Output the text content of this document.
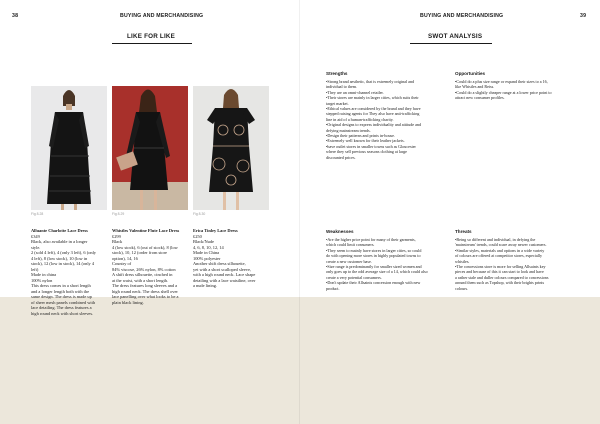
38	BUYING AND MERCHANDISING
LIKE FOR LIKE
Fig 8.28	Fig 8.29	Fig 8.30
Alluante Charlotte Lace Dress
£349
Black, also available in a longer
style.
2 (sold 4 left), 4 (only 3 left), 6 (only
4 left), 8 (low stock), 10 (low in
stock), 12 (low in stock), 14 (only 4
left)
Made in china
100% nylon
This dress comes in a short length
and a longer length both with the
same design. The dress is made up
of sheer mesh panels combined with
lace detailing. The dress features a
high round neck with short sleeves.
Whistles Valentine Flute Lace Dress
£299
Black
4 (low stock), 6 (out of stock), 8 (low
stock), 10, 12 (order from store
option), 14, 16
Country of
84% viscose, 26% nylon, 8% cotton
A shift dress silhouette, cinched in
at the waist, with a short length.
The dress features long sleeves and a
high round neck. The dress shell over
lace panelling over what looks to be a
plain black lining.
Erica Tinley Lace Dress
£250
Black/Nude
4, 6, 8, 10, 12, 14
Made in China
100% polyester
Another shift dress silhouette,
yet with a short scalloped sleeve,
with a high round neck. Lace shape
detailing with a lace waistline, over
a nude lining.
BUYING AND MERCHANDISING	39
SWOT ANALYSIS
Strengths
•Strong brand aesthetic, that is extremely original and
individual to them.
•They are an omni-channel retailer.
•Their stores are mainly in larger cities, which suits their
target market.
•Ethical values are considered by the brand and they have
stepped raising agents for They also have anti-trafficking
line in aid of a human-trafficking charity.
•Original designs to express individuality and attitude and
defying mainstream trends.
•Design their patterns and prints in-house.
•Extremely well known for their leather jackets.
•have outlet stores in smaller towns such as Gloucester
where they sell previous seasons clothing at large
discounted prices.
Opportunities
•Could do a plus size range or expand their sizes to a 16,
like Whistles and Reiss.
•Could do a slightly cheaper range at a lower price point to
attract new consumer profiles.
Weaknesses
•Are the higher price point for many of their garments,
which could limit consumers.
•They seem to mainly have stores in larger cities, so could
do with opening more stores in highly populated towns to
create a new customer base.
•Size range is predominantly for smaller sized women and
only goes up to the odd average size of a 14, which could also
create a very potential consumers.
•Don't update their Allsaints concession enough with new
product.
Threats
•Being so different and individual, in defying the
'mainstream' trends, could scare away newer customers.
•Similar styles, materials and options in a wide variety
of colours are offered at competitor stores, especially
whistles.
•The concessions store is more for selling Allsaints key
pieces and because of this it can start to look and have
a rather stale and duller colours compared to concessions
around them such as Topshop, with their brights prints
colours.
